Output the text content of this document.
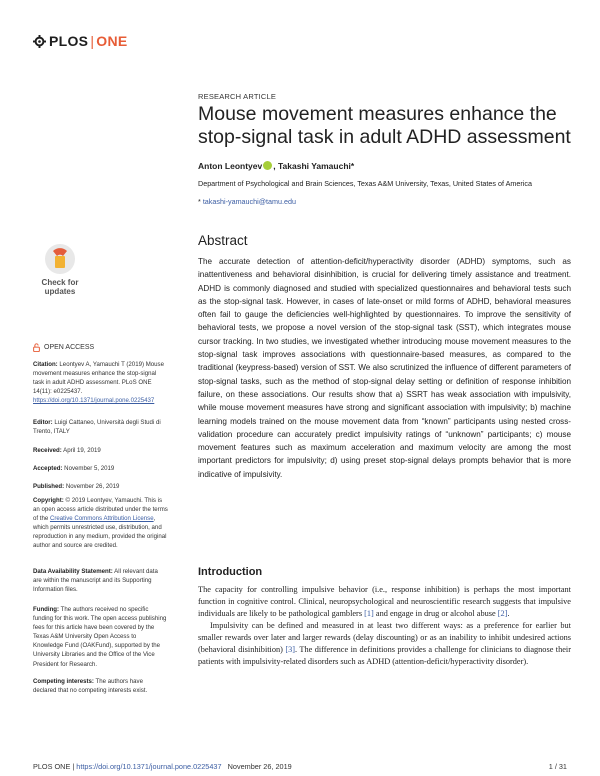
PLOS | ONE
RESEARCH ARTICLE
Mouse movement measures enhance the stop-signal task in adult ADHD assessment
Anton Leontyev , Takashi Yamauchi*
Department of Psychological and Brain Sciences, Texas A&M University, Texas, United States of America
* takashi-yamauchi@tamu.edu
Abstract
The accurate detection of attention-deficit/hyperactivity disorder (ADHD) symptoms, such as inattentiveness and behavioral disinhibition, is crucial for delivering timely assistance and treatment. ADHD is commonly diagnosed and studied with specialized questionnaires and behavioral tests such as the stop-signal task. However, in cases of late-onset or mild forms of ADHD, behavioral measures often fail to gauge the deficiencies well-highlighted by questionnaires. To improve the sensitivity of behavioral tests, we propose a novel version of the stop-signal task (SST), which integrates mouse cursor tracking. In two studies, we investigated whether introducing mouse movement measures to the stop-signal task improves associations with questionnaire-based measures, as compared to the traditional (keypress-based) version of SST. We also scrutinized the influence of different parameters of stop-signal tasks, such as the method of stop-signal delay setting or definition of response inhibition failure, on these associations. Our results show that a) SSRT has weak association with impulsivity, while mouse movement measures have strong and significant association with impulsivity; b) machine learning models trained on the mouse movement data from “known” participants using nested cross-validation procedure can accurately predict impulsivity ratings of “unknown” participants; c) mouse movement features such as maximum acceleration and maximum velocity are among the most important predictors for impulsivity; d) using preset stop-signal delays prompts behavior that is more indicative of impulsivity.
Introduction

The capacity for controlling impulsive behavior (i.e., response inhibition) is perhaps the most important function in cognitive control. Clinical, neuropsychological and neuroscientific research suggests that impulsive individuals are likely to be pathological gamblers [1] and engage in drug or alcohol abuse [2].

Impulsivity can be defined and measured in at least two different ways: as a preference for earlier but smaller rewards over later and larger rewards (delay discounting) or as an inability to inhibit undesired actions (behavioral disinhibition) [3]. The difference in definitions provides a challenge for clinicians to diagnose their patients with impulsivity-related disorders such as ADHD (attention-deficit/hyperactivity disorder).

Check for
updates
OPEN ACCESS
Citation: Leontyev A, Yamauchi T (2019) Mouse movement measures enhance the stop-signal task in adult ADHD assessment. PLoS ONE 14(11): e0225437. https://doi.org/10.1371/journal.pone.0225437
Editor: Luigi Cattaneo, Università degli Studi di Trento, ITALY
Received: April 19, 2019
Accepted: November 5, 2019
Published: November 26, 2019
Copyright: © 2019 Leontyev, Yamauchi. This is an open access article distributed under the terms of the Creative Commons Attribution License, which permits unrestricted use, distribution, and reproduction in any medium, provided the original author and source are credited.
Data Availability Statement: All relevant data are within the manuscript and its Supporting Information files.
Funding: The authors received no specific funding for this work. The open access publishing fees for this article have been covered by the Texas A&M University Open Access to Knowledge Fund (OAKFund), supported by the University Libraries and the Office of the Vice President for Research.
Competing interests: The authors have declared that no competing interests exist.
PLOS ONE | https://doi.org/10.1371/journal.pone.0225437 November 26, 2019	1 / 31
